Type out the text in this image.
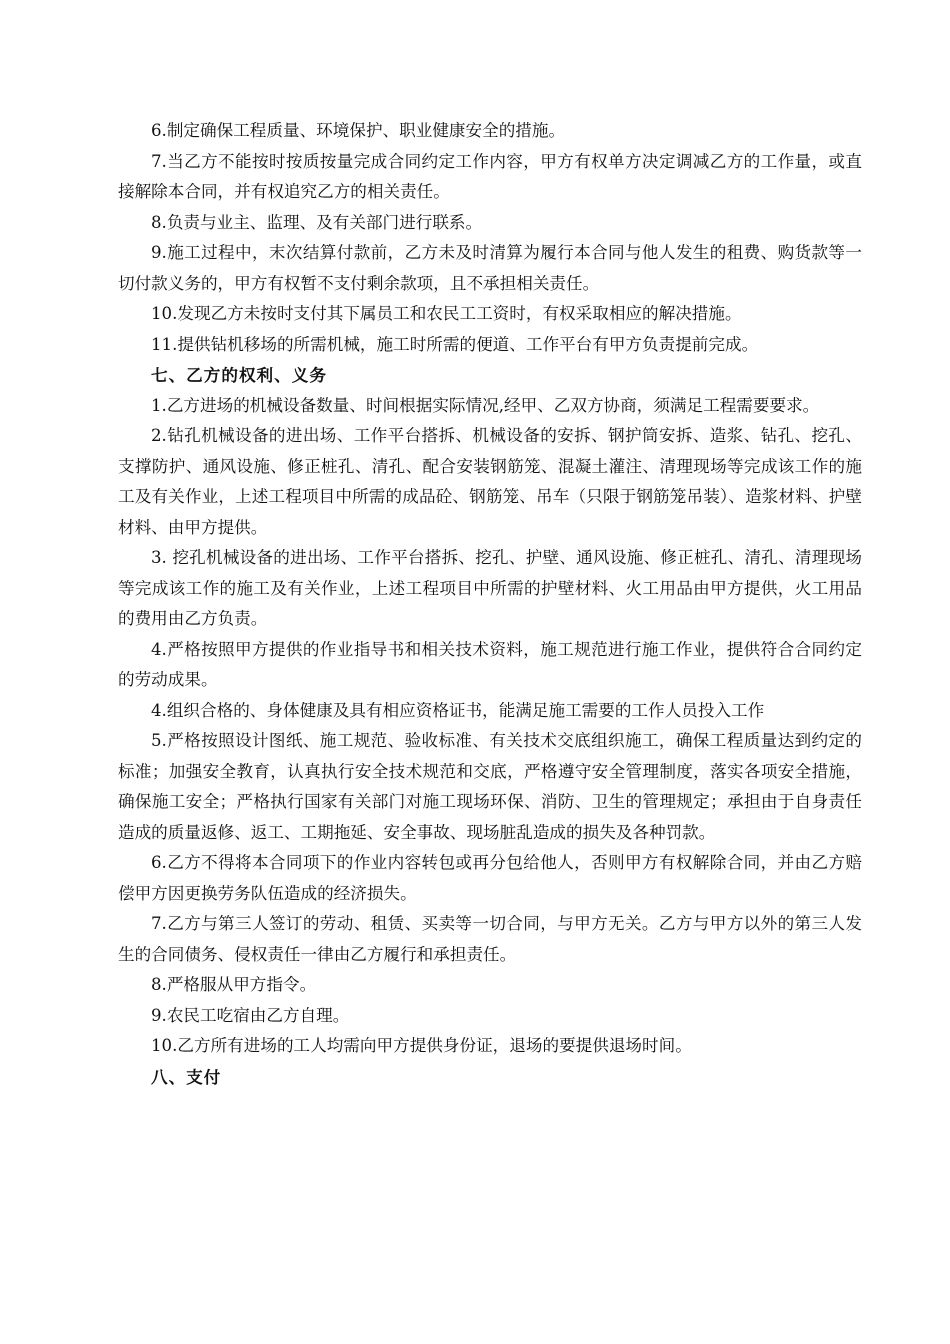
6.制定确保工程质量、环境保护、职业健康安全的措施。

7.当乙方不能按时按质按量完成合同约定工作内容，甲方有权单方决定调减乙方的工作量，或直接解除本合同，并有权追究乙方的相关责任。

8.负责与业主、监理、及有关部门进行联系。

9.施工过程中，末次结算付款前，乙方未及时清算为履行本合同与他人发生的租费、购货款等一切付款义务的，甲方有权暂不支付剩余款项，且不承担相关责任。

10.发现乙方未按时支付其下属员工和农民工工资时，有权采取相应的解决措施。

11.提供钻机移场的所需机械，施工时所需的便道、工作平台有甲方负责提前完成。

七、乙方的权利、义务

1.乙方进场的机械设备数量、时间根据实际情况,经甲、乙双方协商，须满足工程需要要求。

2.钻孔机械设备的进出场、工作平台搭拆、机械设备的安拆、钢护筒安拆、造浆、钻孔、挖孔、支撑防护、通风设施、修正桩孔、清孔、配合安装钢筋笼、混凝土灌注、清理现场等完成该工作的施工及有关作业，上述工程项目中所需的成品砼、钢筋笼、吊车（只限于钢筋笼吊装）、造浆材料、护壁材料、由甲方提供。

3. 挖孔机械设备的进出场、工作平台搭拆、挖孔、护壁、通风设施、修正桩孔、清孔、清理现场等完成该工作的施工及有关作业，上述工程项目中所需的护壁材料、火工用品由甲方提供，火工用品的费用由乙方负责。

4.严格按照甲方提供的作业指导书和相关技术资料，施工规范进行施工作业，提供符合合同约定的劳动成果。

4.组织合格的、身体健康及具有相应资格证书，能满足施工需要的工作人员投入工作

5.严格按照设计图纸、施工规范、验收标准、有关技术交底组织施工，确保工程质量达到约定的标准；加强安全教育，认真执行安全技术规范和交底，严格遵守安全管理制度，落实各项安全措施，确保施工安全；严格执行国家有关部门对施工现场环保、消防、卫生的管理规定；承担由于自身责任造成的质量返修、返工、工期拖延、安全事故、现场脏乱造成的损失及各种罚款。

6.乙方不得将本合同项下的作业内容转包或再分包给他人，否则甲方有权解除合同，并由乙方赔偿甲方因更换劳务队伍造成的经济损失。

7.乙方与第三人签订的劳动、租赁、买卖等一切合同，与甲方无关。乙方与甲方以外的第三人发生的合同债务、侵权责任一律由乙方履行和承担责任。

8.严格服从甲方指令。

9.农民工吃宿由乙方自理。

10.乙方所有进场的工人均需向甲方提供身份证，退场的要提供退场时间。

八、支付
